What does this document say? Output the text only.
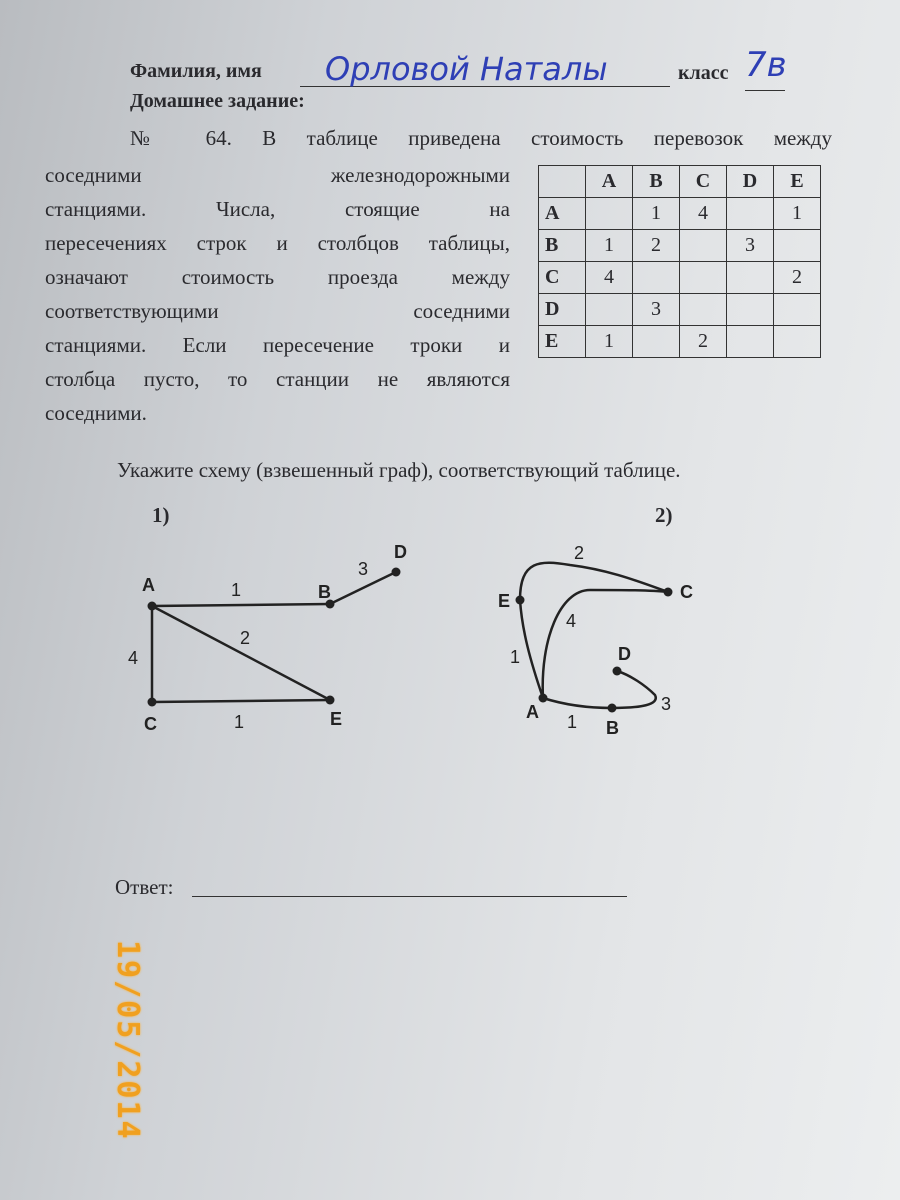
Фамилия, имя Орловой Наталы	класс 7в
Домашнее задание:
№ 64. В таблице приведена стоимость перевозок между
соседними железнодорожными
станциями. Числа, стоящие на
пересечениях строк и столбцов таблицы,
означают стоимость проезда между
соответствующими соседними
станциями. Если пересечение троки и
столбца пусто, то станции не являются
соседними.
	A	B	C	D	E
A		1	4		1
B	1	2		3	
C	4				2
D		3			
E	1		2		
Укажите схему (взвешенный граф), соответствующий таблице.
1)	2)
A	B
D
C	E
1
3
2
4
1
E	C
A
B
D
2
4
1
1
3
Ответ:
19/05/2014
